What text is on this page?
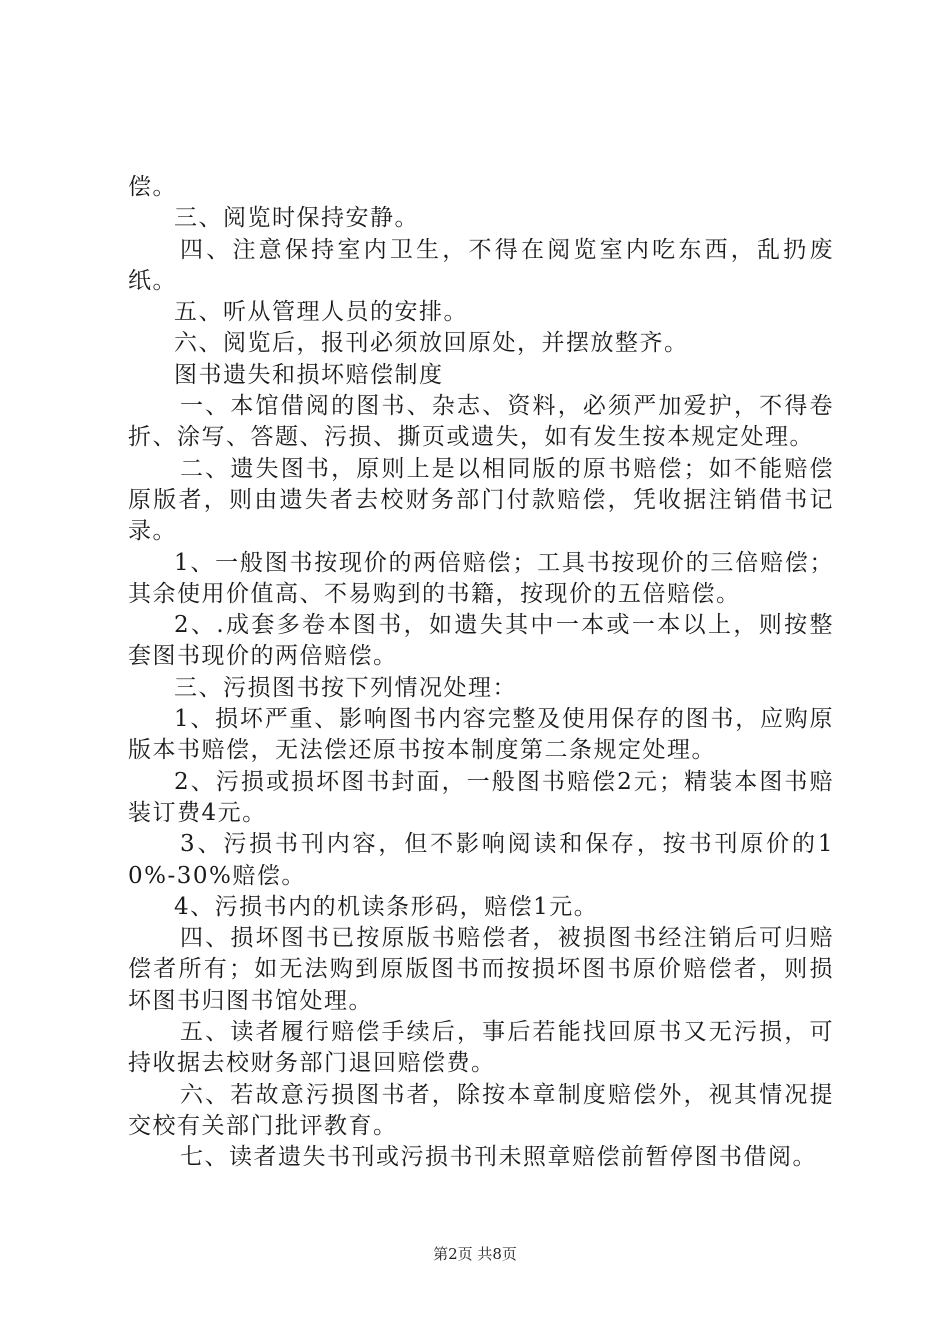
偿。

三、阅览时保持安静。

四、注意保持室内卫生，不得在阅览室内吃东西，乱扔废纸。

五、听从管理人员的安排。

六、阅览后，报刊必须放回原处，并摆放整齐。

图书遗失和损坏赔偿制度

一、本馆借阅的图书、杂志、资料，必须严加爱护，不得卷折、涂写、答题、污损、撕页或遗失，如有发生按本规定处理。

二、遗失图书，原则上是以相同版的原书赔偿；如不能赔偿原版者，则由遗失者去校财务部门付款赔偿，凭收据注销借书记录。

1、一般图书按现价的两倍赔偿；工具书按现价的三倍赔偿；其余使用价值高、不易购到的书籍，按现价的五倍赔偿。

2、.成套多卷本图书，如遗失其中一本或一本以上，则按整套图书现价的两倍赔偿。

三、污损图书按下列情况处理：

1、损坏严重、影响图书内容完整及使用保存的图书，应购原版本书赔偿，无法偿还原书按本制度第二条规定处理。

2、污损或损坏图书封面，一般图书赔偿2元；精装本图书赔装订费4元。

3、污损书刊内容，但不影响阅读和保存，按书刊原价的10%-30%赔偿。

4、污损书内的机读条形码，赔偿1元。

四、损坏图书已按原版书赔偿者，被损图书经注销后可归赔偿者所有；如无法购到原版图书而按损坏图书原价赔偿者，则损坏图书归图书馆处理。

五、读者履行赔偿手续后，事后若能找回原书又无污损，可持收据去校财务部门退回赔偿费。

六、若故意污损图书者，除按本章制度赔偿外，视其情况提交校有关部门批评教育。

七、读者遗失书刊或污损书刊未照章赔偿前暂停图书借阅。

第2页 共8页
